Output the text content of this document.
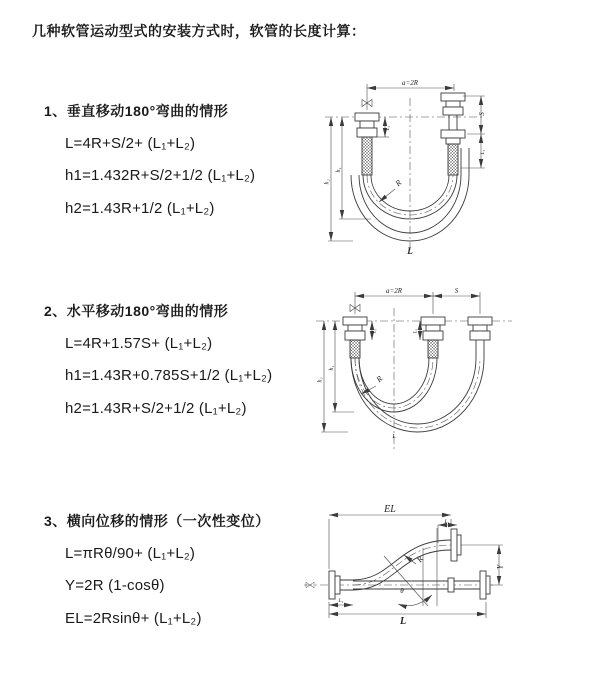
几种软管运动型式的安装方式时，软管的长度计算：
1、垂直移动180°弯曲的情形
L=4R+S/2+ (L₁+L₂)
h1=1.432R+S/2+1/2 (L₁+L₂)
h2=1.43R+1/2 (L₁+L₂)
2、水平移动180°弯曲的情形
L=4R+1.57S+ (L₁+L₂)
h1=1.43R+0.785S+1/2 (L₁+L₂)
h2=1.43R+S/2+1/2 (L₁+L₂)
3、横向位移的情形（一次性变位）
L=πRθ/90+ (L₁+L₂)
Y=2R (1-cosθ)
EL=2Rsinθ+ (L₁+L₂)
a=2R
S
L₁
L₁
h₁
h₂	R
L
a=2R	S
h₁
h₂
L₁	L₁
R
L
EL
L₁
Y
R
θ
L
L₁
